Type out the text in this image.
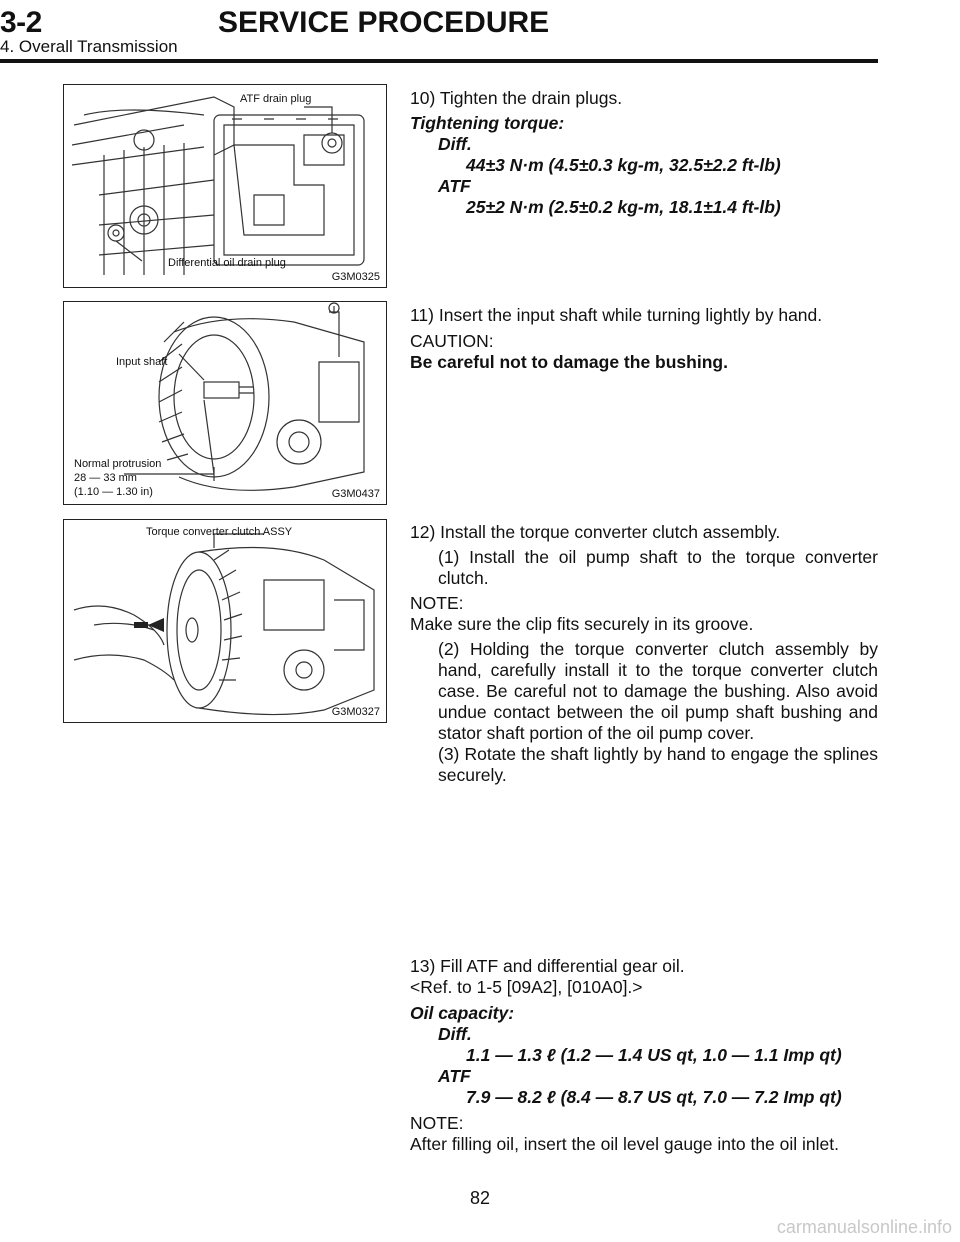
3-2	SERVICE PROCEDURE
4. Overall Transmission
ATF drain plug
Differential oil drain plug
G3M0325
Input shaft
Normal protrusion
28 — 33 mm
(1.10 — 1.30 in)	G3M0437
Torque converter clutch ASSY
G3M0327
10) Tighten the drain plugs.
Tightening torque:
Diff.
44±3 N·m (4.5±0.3 kg-m, 32.5±2.2 ft-lb)
ATF
25±2 N·m (2.5±0.2 kg-m, 18.1±1.4 ft-lb)
11) Insert the input shaft while turning lightly by hand.
CAUTION:
Be careful not to damage the bushing.
12) Install the torque converter clutch assembly.
(1) Install the oil pump shaft to the torque converter clutch.
NOTE:
Make sure the clip fits securely in its groove.
(2) Holding the torque converter clutch assembly by hand, carefully install it to the torque converter clutch case. Be careful not to damage the bushing. Also avoid undue contact between the oil pump shaft bushing and stator shaft portion of the oil pump cover.
(3) Rotate the shaft lightly by hand to engage the splines securely.
13) Fill ATF and differential gear oil.
<Ref. to 1-5 [09A2], [010A0].>
Oil capacity:
Diff.
1.1 — 1.3 ℓ (1.2 — 1.4 US qt, 1.0 — 1.1 Imp qt)
ATF
7.9 — 8.2 ℓ (8.4 — 8.7 US qt, 7.0 — 7.2 Imp qt)
NOTE:
After filling oil, insert the oil level gauge into the oil inlet.
82
carmanualsonline.info
